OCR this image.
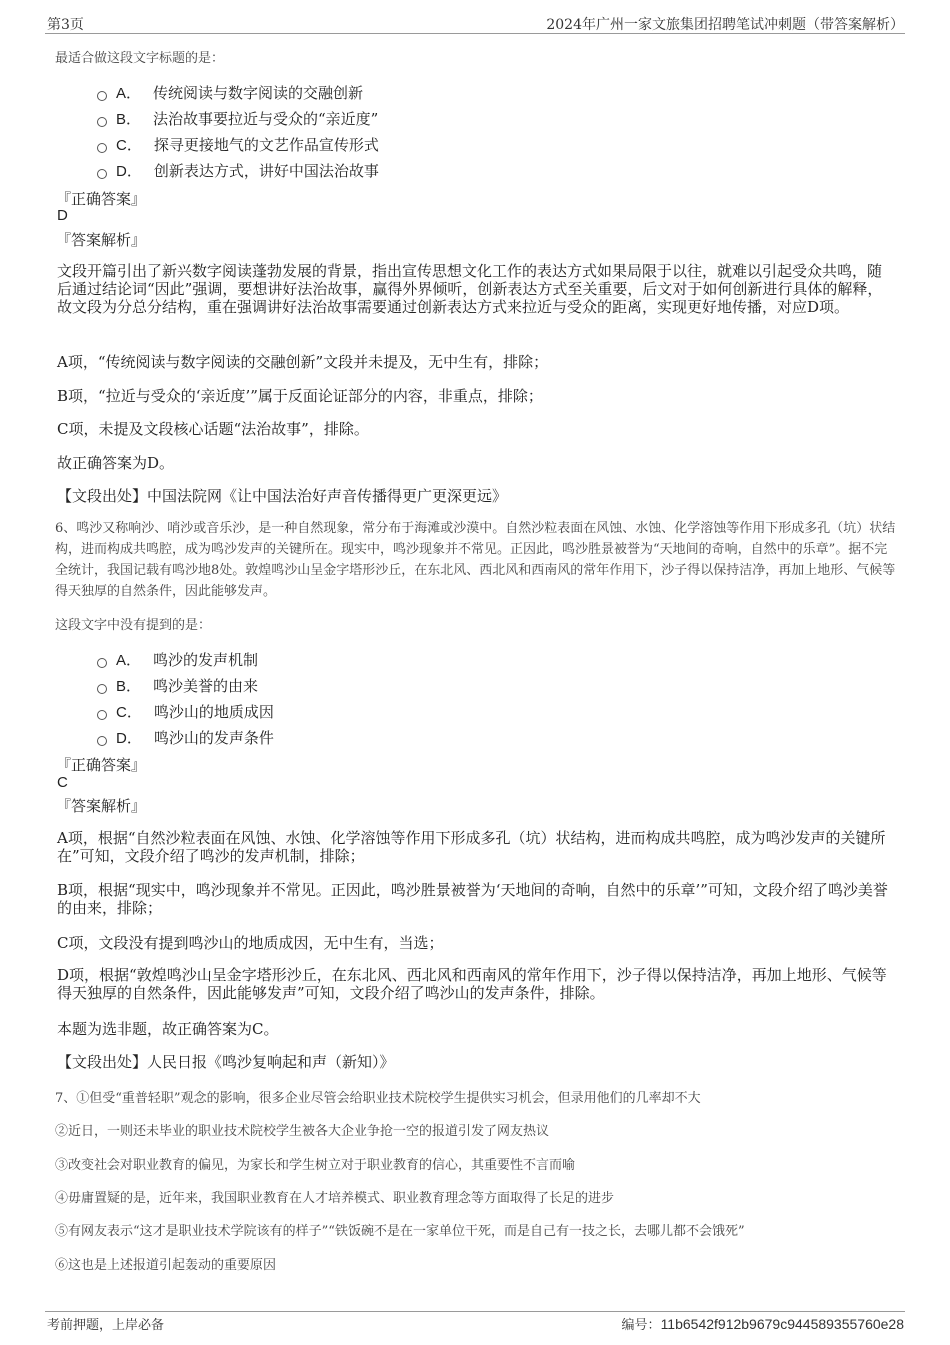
第3页	2024年广州一家文旅集团招聘笔试冲刺题（带答案解析）
最适合做这段文字标题的是：
A． 传统阅读与数字阅读的交融创新
B． 法治故事要拉近与受众的“亲近度”
C． 探寻更接地气的文艺作品宣传形式
D． 创新表达方式，讲好中国法治故事
『正确答案』
D
『答案解析』
文段开篇引出了新兴数字阅读蓬勃发展的背景，指出宣传思想文化工作的表达方式如果局限于以往，就难以引起受众共鸣，随后通过结论词“因此”强调，要想讲好法治故事，赢得外界倾听，创新表达方式至关重要，后文对于如何创新进行具体的解释，故文段为分总分结构，重在强调讲好法治故事需要通过创新表达方式来拉近与受众的距离，实现更好地传播，对应D项。
A项，“传统阅读与数字阅读的交融创新”文段并未提及，无中生有，排除；
B项，“拉近与受众的‘亲近度’”属于反面论证部分的内容，非重点，排除；
C项，未提及文段核心话题“法治故事”，排除。
故正确答案为D。
【文段出处】中国法院网《让中国法治好声音传播得更广更深更远》
6、鸣沙又称响沙、哨沙或音乐沙，是一种自然现象，常分布于海滩或沙漠中。自然沙粒表面在风蚀、水蚀、化学溶蚀等作用下形成多孔（坑）状结构，进而构成共鸣腔，成为鸣沙发声的关键所在。现实中，鸣沙现象并不常见。正因此，鸣沙胜景被誉为“天地间的奇响，自然中的乐章”。据不完全统计，我国记载有鸣沙地8处。敦煌鸣沙山呈金字塔形沙丘，在东北风、西北风和西南风的常年作用下，沙子得以保持洁净，再加上地形、气候等得天独厚的自然条件，因此能够发声。
这段文字中没有提到的是：
A． 鸣沙的发声机制
B． 鸣沙美誉的由来
C． 鸣沙山的地质成因
D． 鸣沙山的发声条件
『正确答案』
C
『答案解析』
A项，根据“自然沙粒表面在风蚀、水蚀、化学溶蚀等作用下形成多孔（坑）状结构，进而构成共鸣腔，成为鸣沙发声的关键所在”可知，文段介绍了鸣沙的发声机制，排除；
B项，根据“现实中，鸣沙现象并不常见。正因此，鸣沙胜景被誉为‘天地间的奇响，自然中的乐章’”可知，文段介绍了鸣沙美誉的由来，排除；
C项，文段没有提到鸣沙山的地质成因，无中生有，当选；
D项，根据“敦煌鸣沙山呈金字塔形沙丘，在东北风、西北风和西南风的常年作用下，沙子得以保持洁净，再加上地形、气候等得天独厚的自然条件，因此能够发声”可知，文段介绍了鸣沙山的发声条件，排除。
本题为选非题，故正确答案为C。
【文段出处】人民日报《鸣沙复响起和声（新知）》
7、①但受“重普轻职”观念的影响，很多企业尽管会给职业技术院校学生提供实习机会，但录用他们的几率却不大
②近日，一则还未毕业的职业技术院校学生被各大企业争抢一空的报道引发了网友热议
③改变社会对职业教育的偏见，为家长和学生树立对于职业教育的信心，其重要性不言而喻
④毋庸置疑的是，近年来，我国职业教育在人才培养模式、职业教育理念等方面取得了长足的进步
⑤有网友表示“这才是职业技术学院该有的样子”“铁饭碗不是在一家单位干死，而是自己有一技之长，去哪儿都不会饿死”
⑥这也是上述报道引起轰动的重要原因
考前押题，上岸必备	编号：11b6542f912b9679c944589355760e28
